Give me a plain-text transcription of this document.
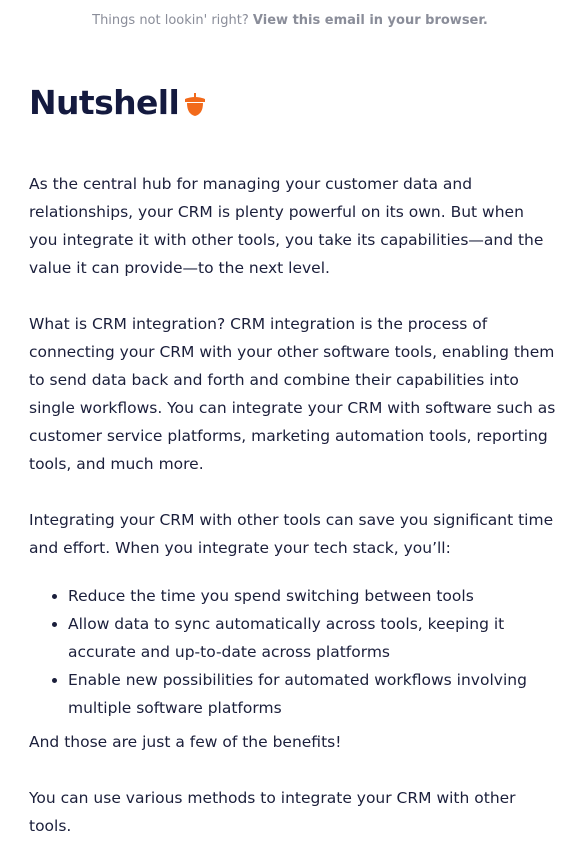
Things not lookin' right? View this email in your browser.
Nutshell

As the central hub for managing your customer data and relationships, your CRM is plenty powerful on its own. But when you integrate it with other tools, you take its capabilities—and the value it can provide—to the next level.

What is CRM integration? CRM integration is the process of connecting your CRM with your other software tools, enabling them to send data back and forth and combine their capabilities into single workflows. You can integrate your CRM with software such as customer service platforms, marketing automation tools, reporting tools, and much more.

Integrating your CRM with other tools can save you significant time and effort. When you integrate your tech stack, you’ll:

• Reduce the time you spend switching between tools
• Allow data to sync automatically across tools, keeping it accurate and up-to-date across platforms
• Enable new possibilities for automated workflows involving multiple software platforms

And those are just a few of the benefits!

You can use various methods to integrate your CRM with other tools.
